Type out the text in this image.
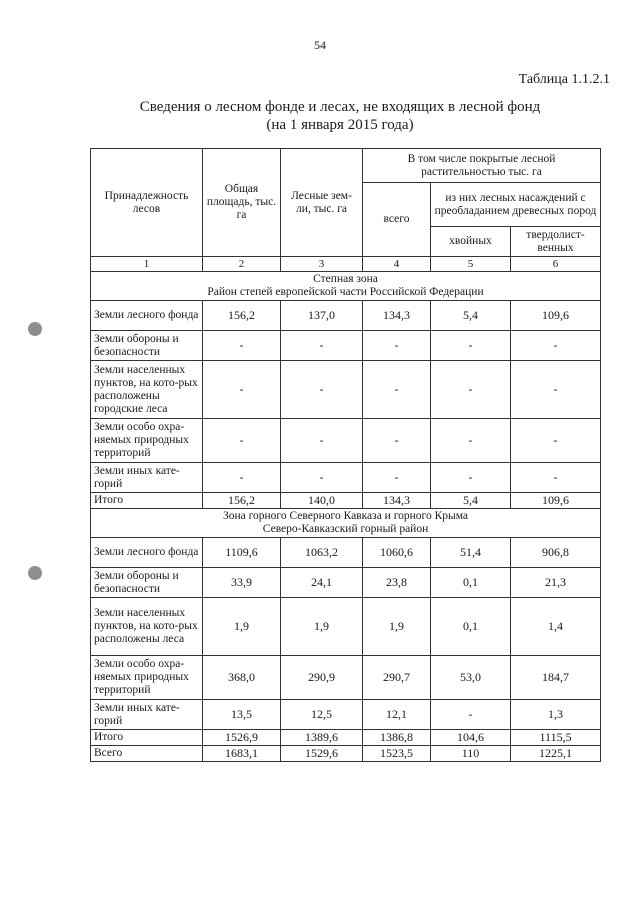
54
Таблица 1.1.2.1
Сведения о лесном фонде и лесах, не входящих в лесной фонд
(на 1 января 2015 года)
Принадлежность лесов	Общая площадь, тыс. га	Лесные зем-ли, тыс. га	В том числе покрытые лесной растительностью тыс. га		
			всего	из них лесных насаждений с преобладанием древесных пород	
				хвойных	твердолист-венных
1	2	3	4	5	6

Степная зона
Район степей европейской части Российской Федерации					

Земли лесного фонда	156,2	137,0	134,3	5,4	109,6
Земли обороны и безопасности	-	-	-	-	-
Земли населенных пунктов, на кото-рых расположены городские леса	-	-	-	-	-
Земли особо охра-няемых природных территорий	-	-	-	-	-
Земли иных кате-горий	-	-	-	-	-
Итого	156,2	140,0	134,3	5,4	109,6

Зона горного Северного Кавказа и горного Крыма
Северо-Кавказский горный район					

Земли лесного фонда	1109,6	1063,2	1060,6	51,4	906,8
Земли обороны и безопасности	33,9	24,1	23,8	0,1	21,3
Земли населенных пунктов, на кото-рых расположены леса	1,9	1,9	1,9	0,1	1,4
Земли особо охра-няемых природных территорий	368,0	290,9	290,7	53,0	184,7
Земли иных кате-горий	13,5	12,5	12,1	-	1,3
Итого	1526,9	1389,6	1386,8	104,6	1115,5
Всего	1683,1	1529,6	1523,5	110	1225,1
